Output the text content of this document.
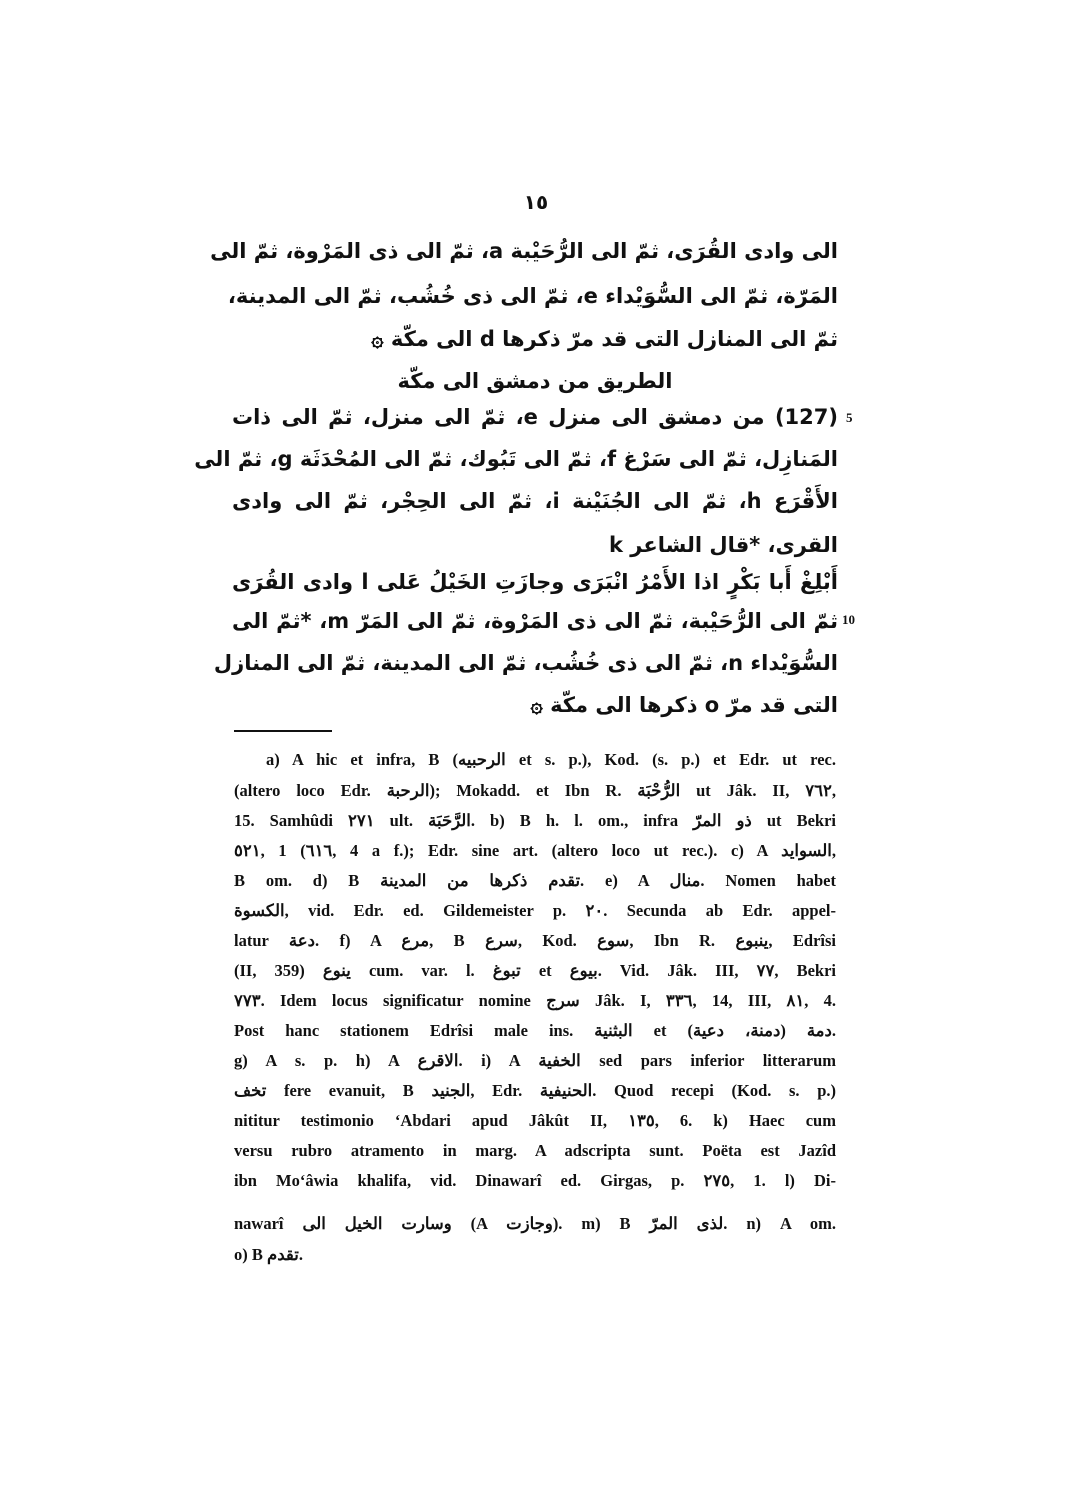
١٥
الى وادى القُرَى، ثمّ الى الرُّحَيْبة a، ثمّ الى ذى المَرْوة، ثمّ الى
المَرّة، ثمّ الى السُّوَيْداء e، ثمّ الى ذى خُشُب، ثمّ الى المدينة،
ثمّ الى المنازل التى قد مرّ ذكرها d الى مكّة ۞
الطريق من دمشق الى مكّة
(127) من دمشق الى منزل e، ثمّ الى منزل، ثمّ الى ذات
المَنازِل، ثمّ الى سَرْغ f، ثمّ الى تَبُوك، ثمّ الى المُحْدَثَة g، ثمّ الى
الأَقْرَع h، ثمّ الى الجُنَيْنة i، ثمّ الى الحِجْر، ثمّ الى وادى
القرى، *قال الشاعر k
أَبْلِغْ أَبا بَكْرٍ اذا الأَمْرُ انْبَرَى وجازَتِ الخَيْلُ عَلى l وادى القُرَى
ثمّ الى الرُّحَيْبة، ثمّ الى ذى المَرْوة، ثمّ الى المَرّ m، *ثمّ الى
السُّوَيْداء n، ثمّ الى ذى خُشُب، ثمّ الى المدينة، ثمّ الى المنازل
التى قد مرّ o ذكرها الى مكّة ۞
5
10
a) A hic et infra, B (الرحبيه et s. p.), Kod. (s. p.) et Edr. ut rec.
(altero loco Edr. الرحبة); Mokadd. et Ibn R. الرُّحْبَة ut Jâk. II, ٧٦٢,
15. Samhûdi ٢٧١ ult. الرَّحَبَة. b) B h. l. om., infra ذو المرّ ut Bekri
٥٢١, 1 (٦١٦, 4 a f.); Edr. sine art. (altero loco ut rec.). c) A السوايد,
B om. d) B تقدم ذكرها من المدينة. e) A منال. Nomen habet
الكسوة, vid. Edr. ed. Gildemeister p. ٢٠. Secunda ab Edr. appel-
latur دعة. f) A مرع, B سرع, Kod. سوع, Ibn R. ينبوع, Edrîsi
(II, 359) ينوع cum. var. l. تبوغ et بيوع. Vid. Jâk. III, ٧٧, Bekri
٧٧٣. Idem locus significatur nomine سرج Jâk. I, ٣٣٦, 14, III, ٨١, 4.
Post hanc stationem Edrîsi male ins. البثنية et دمة (دمنة، دعية).
g) A s. p. h) A الاقرع. i) A الخفية sed pars inferior litterarum
تخف fere evanuit, B الجنيد, Edr. الحنيفية. Quod recepi (Kod. s. p.)
nititur testimonio ‘Abdari apud Jâkût II, ١٣٥, 6. k) Haec cum
versu rubro atramento in marg. A adscripta sunt. Poëta est Jazîd
ibn Mo‘âwia khalifa, vid. Dinawarî ed. Girgas, p. ٢٧٥, 1. l) Di-
nawarî وسارت الخيل الى (A وجازت). m) B لذى المرّ. n) A om.
o) B تقدم.
